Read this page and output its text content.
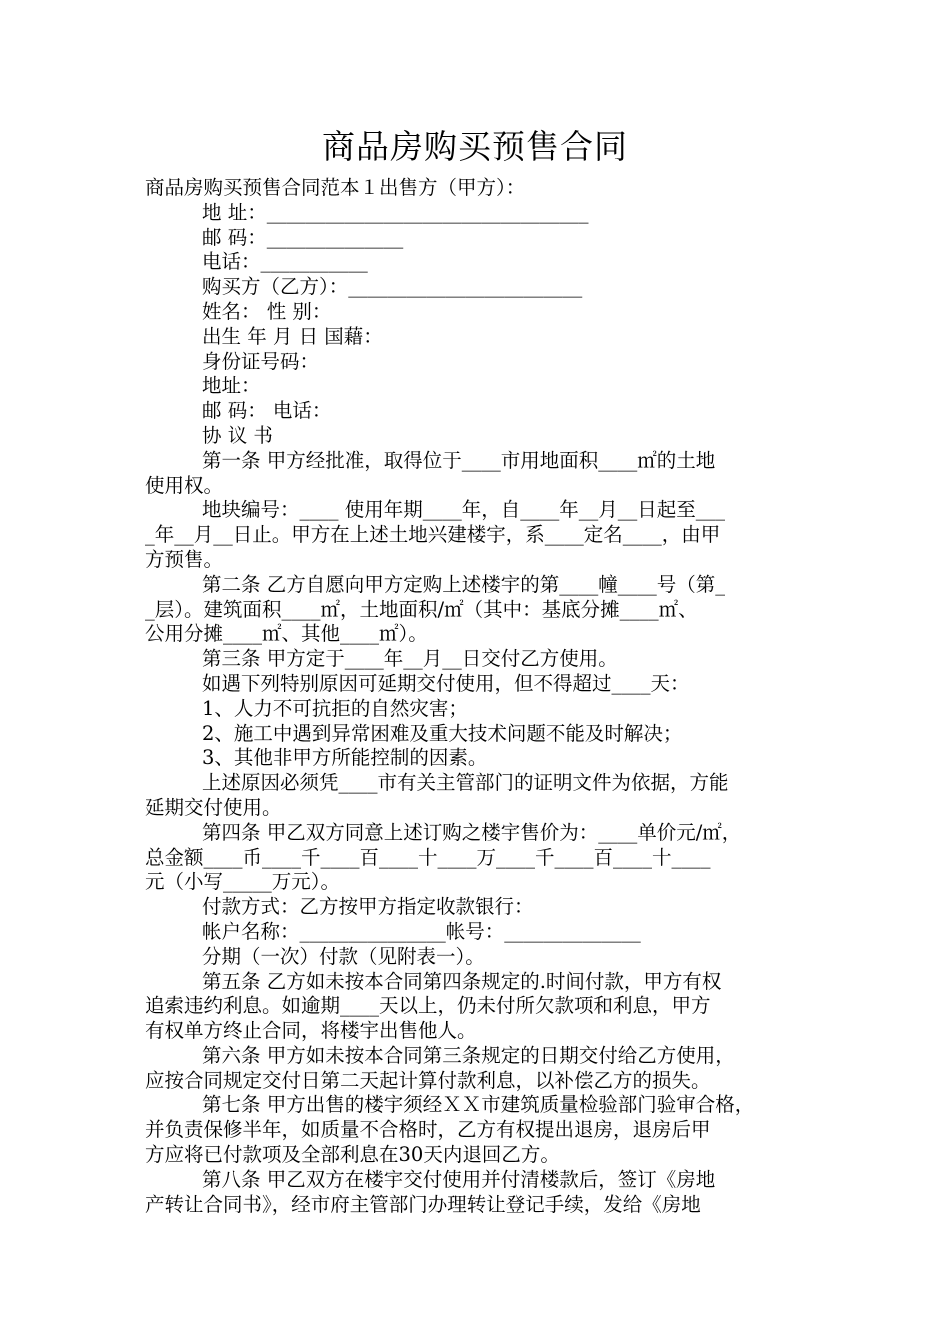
商品房购买预售合同
商品房购买预售合同范本１出售方（甲方）：
地 址：_________________________________
邮 码：______________
电话：___________
购买方（乙方）：________________________
姓名： 性 别：
出生 年 月 日 国藉：
身份证号码：
地址：
邮 码： 电话：
协 议 书
第一条 甲方经批准，取得位于____市用地面积____㎡的土地
使用权。
地块编号：____ 使用年期____年，自____年__月__日起至___
_年__月__日止。甲方在上述土地兴建楼宇，系____定名____，由甲
方预售。
第二条 乙方自愿向甲方定购上述楼宇的第____幢____号（第_
_层）。建筑面积____㎡，土地面积/㎡（其中：基底分摊____㎡、
公用分摊____㎡、其他____㎡）。
第三条 甲方定于____年__月__日交付乙方使用。
如遇下列特别原因可延期交付使用，但不得超过____天：
1、人力不可抗拒的自然灾害；
2、施工中遇到异常困难及重大技术问题不能及时解决；
3、其他非甲方所能控制的因素。
上述原因必须凭____市有关主管部门的证明文件为依据，方能
延期交付使用。
第四条 甲乙双方同意上述订购之楼宇售价为：____单价元/㎡，
总金额____币____千____百____十____万____千____百____十____
元（小写_____万元）。
付款方式：乙方按甲方指定收款银行：
帐户名称：_______________帐号：______________
分期（一次）付款（见附表一）。
第五条 乙方如未按本合同第四条规定的.时间付款，甲方有权
追索违约利息。如逾期____天以上，仍未付所欠款项和利息，甲方
有权单方终止合同，将楼宇出售他人。
第六条 甲方如未按本合同第三条规定的日期交付给乙方使用，
应按合同规定交付日第二天起计算付款利息，以补偿乙方的损失。
第七条 甲方出售的楼宇须经ＸＸ市建筑质量检验部门验审合格，
并负责保修半年，如质量不合格时，乙方有权提出退房，退房后甲
方应将已付款项及全部利息在30天内退回乙方。
第八条 甲乙双方在楼宇交付使用并付清楼款后，签订《房地
产转让合同书》，经市府主管部门办理转让登记手续，发给《房地
